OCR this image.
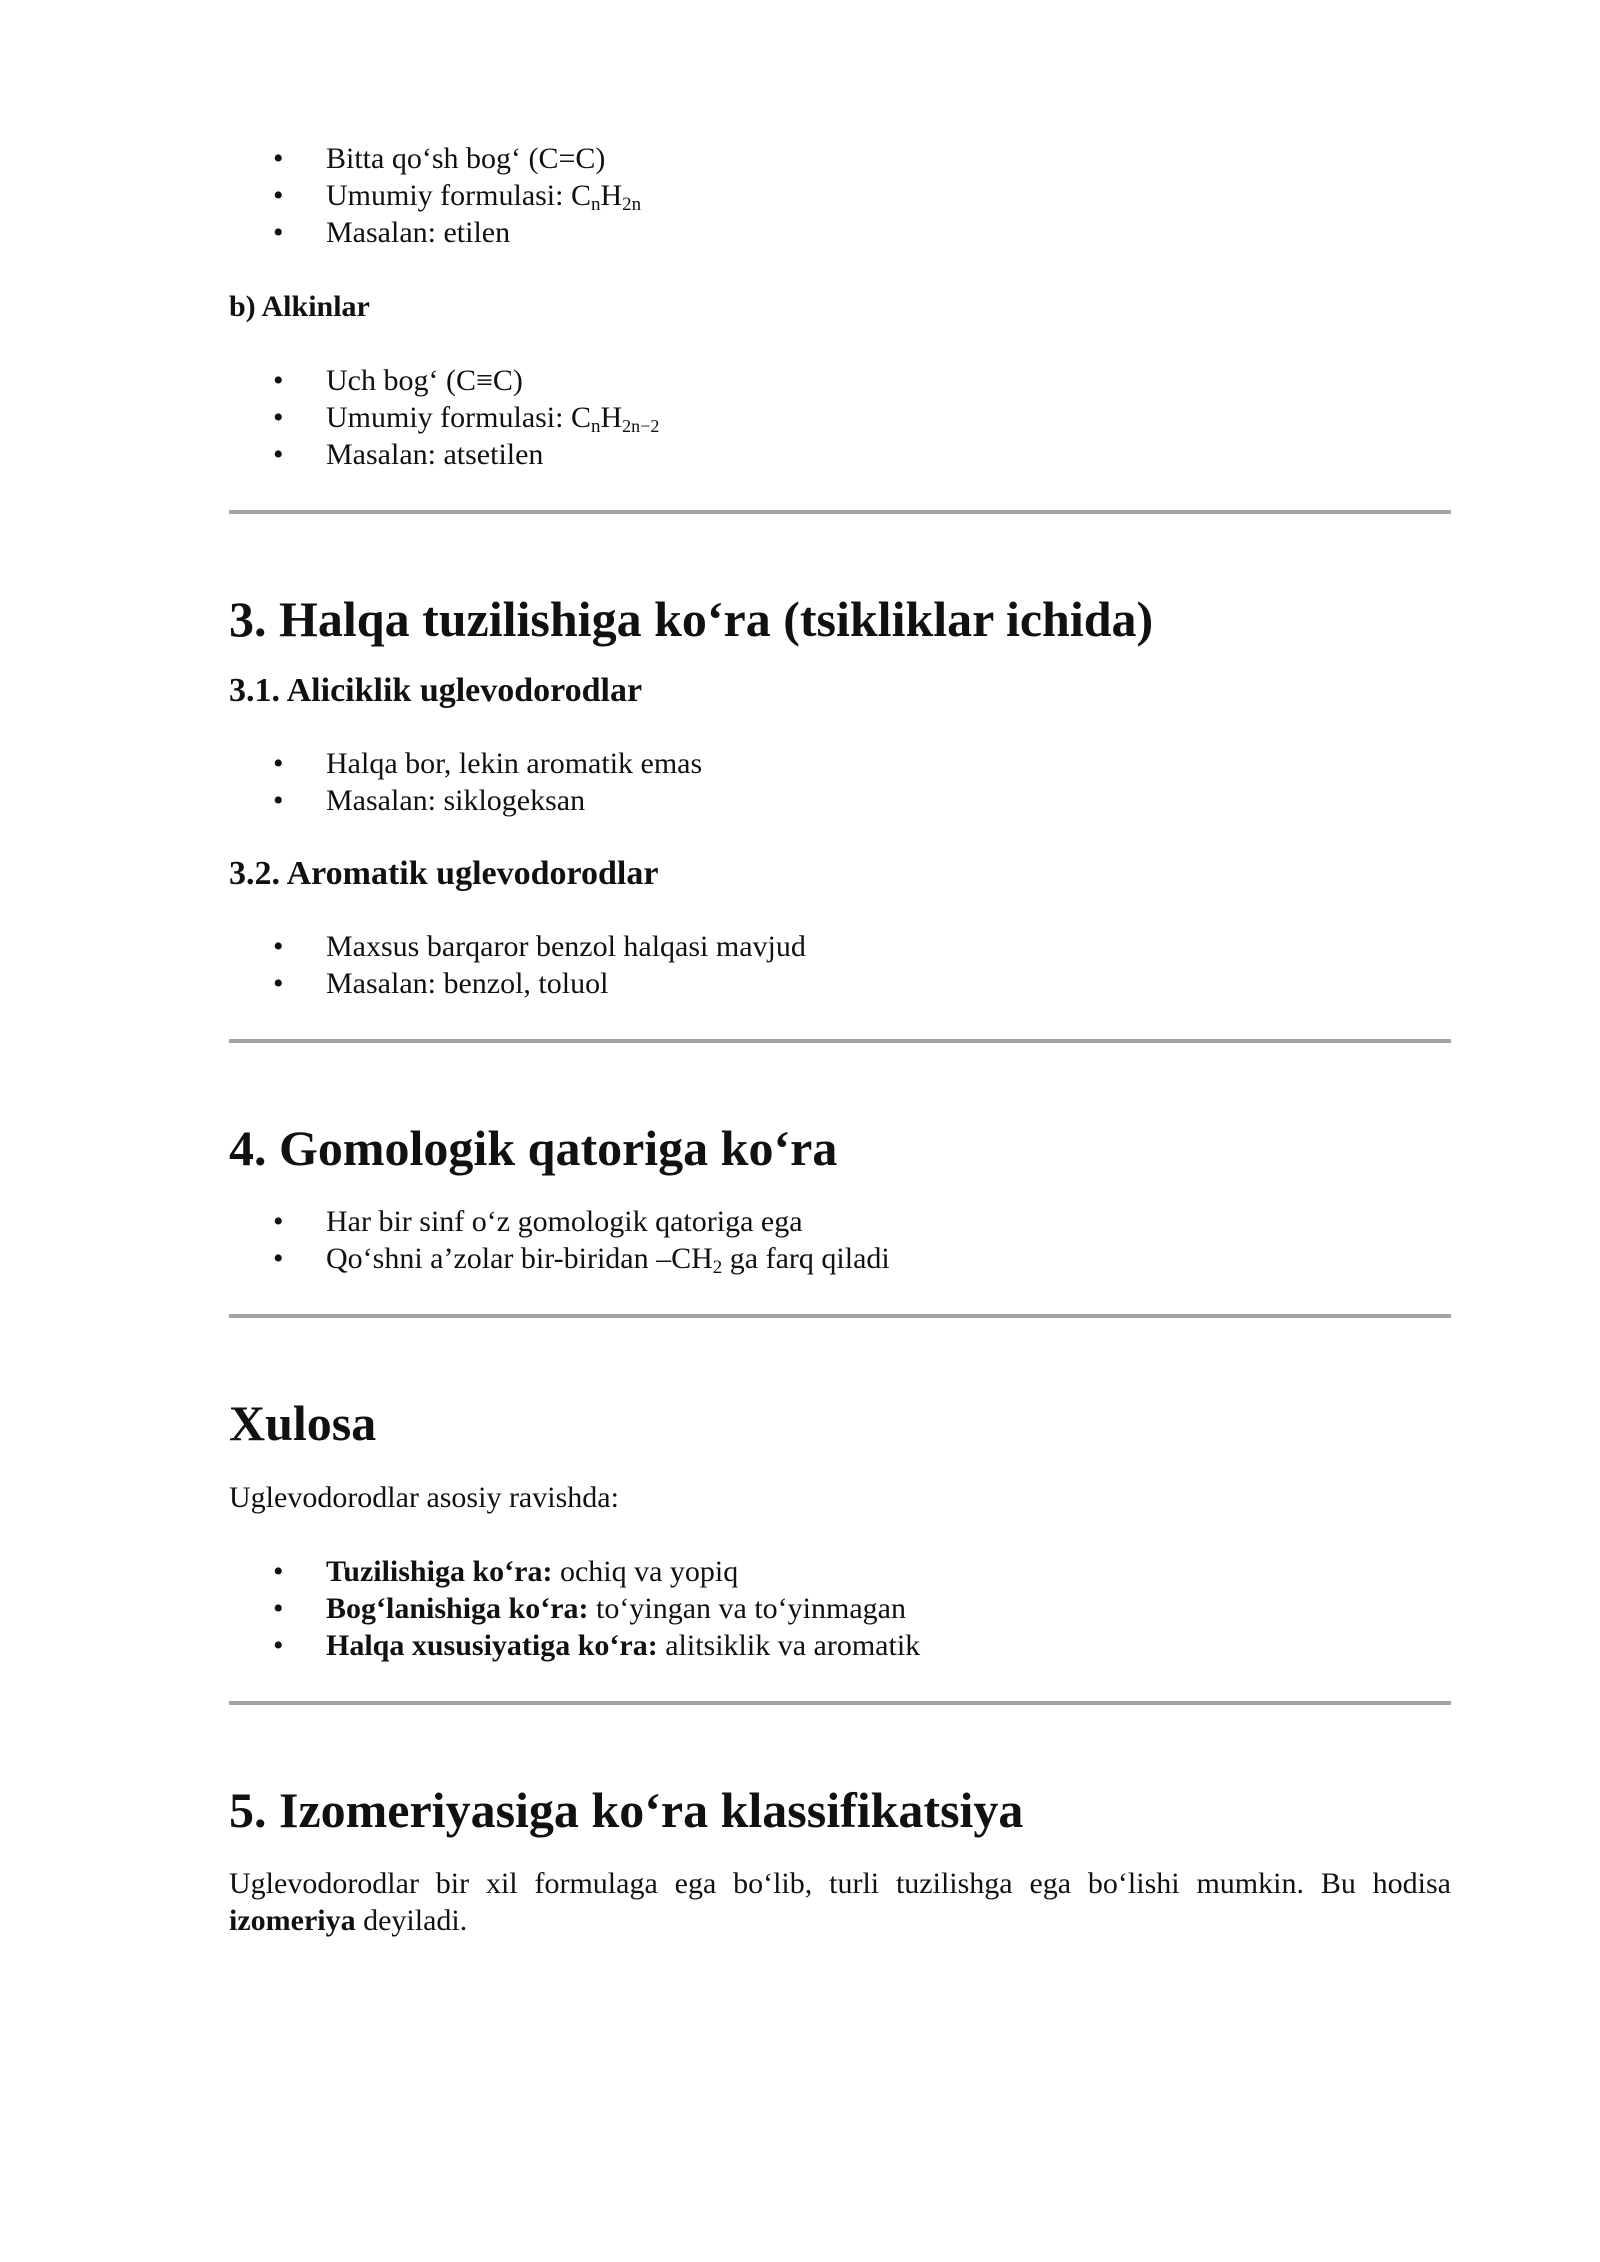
• Bitta qo‘sh bog‘ (C=C)
• Umumiy formulasi: $C_nH_{2n}$
• Masalan: etilen
b) Alkinlar
• Uch bog‘ (C≡C)
• Umumiy formulasi: $C_nH_{2n-2}$
• Masalan: atsetilen
3. Halqa tuzilishiga ko‘ra (tsikliklar ichida)
3.1. Aliciklik uglevodorodlar
• Halqa bor, lekin aromatik emas
• Masalan: siklogeksan
3.2. Aromatik uglevodorodlar
• Maxsus barqaror benzol halqasi mavjud
• Masalan: benzol, toluol
4. Gomologik qatoriga ko‘ra
• Har bir sinf o‘z gomologik qatoriga ega
• Qo‘shni a’zolar bir-biridan $-CH_2$ ga farq qiladi
Xulosa

Uglevodorodlar asosiy ravishda:

• Tuzilishiga ko‘ra: ochiq va yopiq
• Bog‘lanishiga ko‘ra: to‘yingan va to‘yinmagan
• Halqa xususiyatiga ko‘ra: alitsiklik va aromatik
5. Izomeriyasiga ko‘ra klassifikatsiya

Uglevodorodlar bir xil formulaga ega bo‘lib, turli tuzilishga ega bo‘lishi mumkin. Bu hodisa izomeriya deyiladi.
